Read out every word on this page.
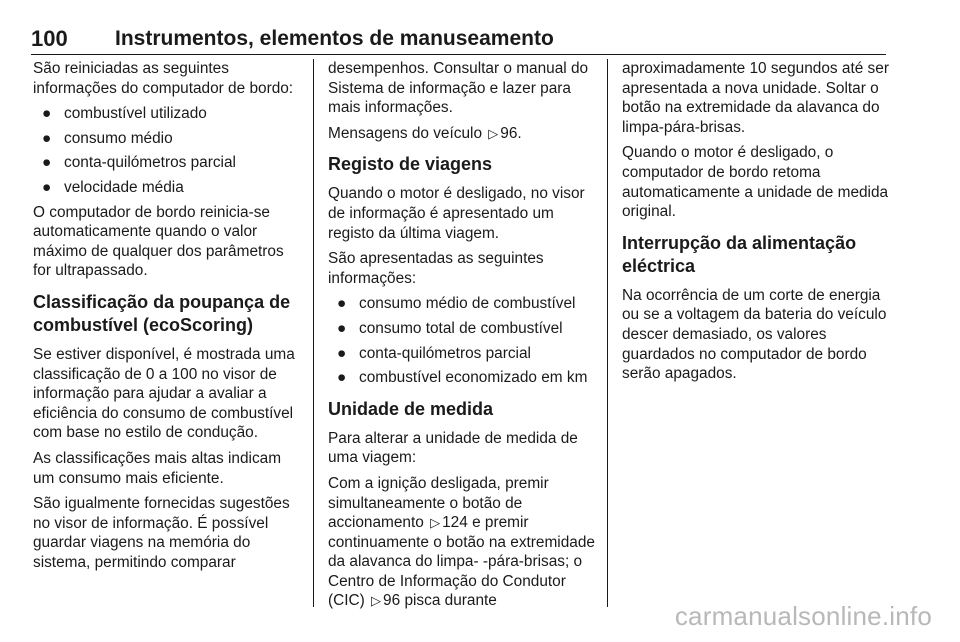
100 Instrumentos, elementos de manuseamento

São reiniciadas as seguintes informações do computador de bordo:

● combustível utilizado
● consumo médio
● conta-quilómetros parcial
● velocidade média

O computador de bordo reinicia-se automaticamente quando o valor máximo de qualquer dos parâmetros for ultrapassado.

Classificação da poupança de combustível (ecoScoring)

Se estiver disponível, é mostrada uma classificação de 0 a 100 no visor de informação para ajudar a avaliar a eficiência do consumo de combustível com base no estilo de condução.

As classificações mais altas indicam um consumo mais eficiente.

São igualmente fornecidas sugestões no visor de informação. É possível guardar viagens na memória do sistema, permitindo comparar

desempenhos. Consultar o manual do Sistema de informação e lazer para mais informações.

Mensagens do veículo ▷ 96.

Registo de viagens

Quando o motor é desligado, no visor de informação é apresentado um registo da última viagem.

São apresentadas as seguintes informações:

● consumo médio de combustível
● consumo total de combustível
● conta-quilómetros parcial
● combustível economizado em km
Unidade de medida

Para alterar a unidade de medida de uma viagem:

Com a ignição desligada, premir simultaneamente o botão de accionamento ▷ 124 e premir continuamente o botão na extremidade da alavanca do limpa- -pára-brisas; o Centro de Informação do Condutor (CIC) ▷ 96 pisca durante

aproximadamente 10 segundos até ser apresentada a nova unidade. Soltar o botão na extremidade da alavanca do limpa-pára-brisas.

Quando o motor é desligado, o computador de bordo retoma automaticamente a unidade de medida original.

Interrupção da alimentação eléctrica

Na ocorrência de um corte de energia ou se a voltagem da bateria do veículo descer demasiado, os valores guardados no computador de bordo serão apagados.

carmanualsonline.info
